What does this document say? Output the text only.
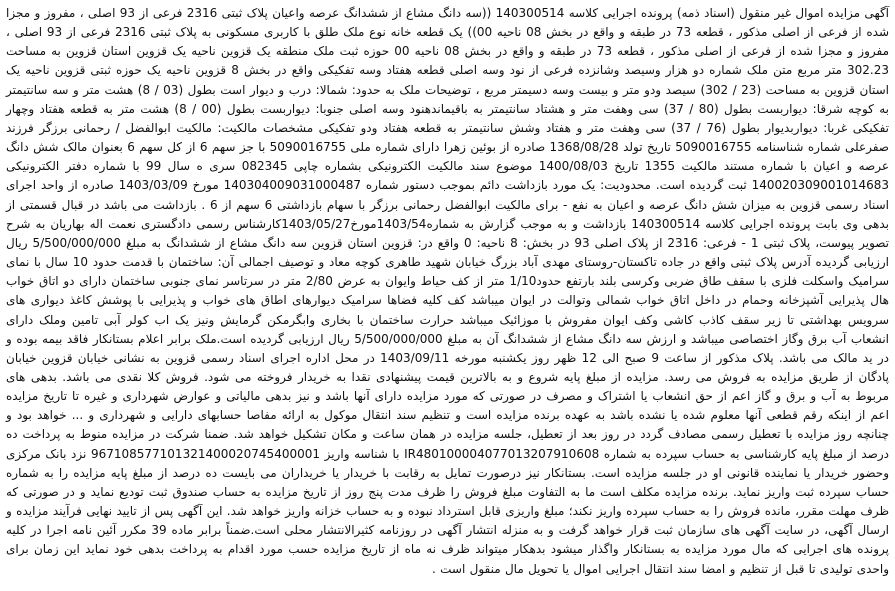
آگهی مزایده اموال غیر منقول (اسناد ذمه) پرونده اجرایی کلاسه 140300514 ((سه دانگ مشاع از ششدانگ عرصه واعیان پلاک ثبتی 2316 فرعی از 93 اصلی ، مفروز و مجزا شده از فرعی از اصلی مذکور ، قطعه 73 در طبقه و واقع در بخش 08 ناحیه 00)) یک قطعه خانه نوع ملک طلق با کاربری مسکونی به پلاک ثبتی 2316 فرعی از 93 اصلی ، مفروز و مجزا شده از فرعی از اصلی مذکور ، قطعه 73 در طبقه و واقع در بخش 08 ناحیه 00 حوزه ثبت ملک منطقه یک قزوین ناحیه یک قزوین استان قزوین به مساحت 302.23 متر مربع متن ملک شماره دو هزار وسیصد وشانزده فرعی از نود وسه اصلی قطعه هفتاد وسه تفکیکی واقع در بخش 8 قزوین ناحیه یک حوزه ثبتی قزوین ناحیه یک استان قزوین به مساحت (23 / 302) سیصد ودو متر و بیست وسه دسیمتر مربع ، توضیحات ملک به حدود: شمالا: درب و دیوار است بطول (03 / 8) هشت متر و سه سانتیمتر به کوچه شرقا: دیواربست بطول (80 / 37) سی وهفت متر و هشتاد سانتیمتر به باقیماندهنود وسه اصلی جنوبا: دیواربست بطول (00 / 8) هشت متر به قطعه هفتاد وچهار تفکیکی غربا: دیواربدیوار بطول (76 / 37) سی وهفت متر و هفتاد وشش سانتیمتر به قطعه هفتاد ودو تفکیکی مشخصات مالکیت: مالکیت ابوالفضل / رحمانی برزگر فرزند صفرعلی شماره شناسنامه 5090016755 تاریخ تولد 1368/08/28 صادره از بوئین زهرا دارای شماره ملی 5090016755 با جز سهم 6 از کل سهم 6 بعنوان مالک شش دانگ عرصه و اعیان با شماره مستند مالکیت 1355 تاریخ 1400/08/03 موضوع سند مالکیت الکترونیکی بشماره چاپی 082345 سری ه سال 99 با شماره دفتر الکترونیکی 140020309001014683 ثبت گردیده است. محدودیت: یک مورد بازداشت دائم بموجب دستور شماره 140304009031000487 مورخ 1403/03/09 صادره از واحد اجرای اسناد رسمی قزوین به میزان شش دانگ عرصه و اعیان به نفع - برای مالکیت ابوالفضل رحمانی برزگر با سهام بازداشتی 6 سهم از 6 . بازداشت می باشد در قبال قسمتی از بدهی وی بابت پرونده اجرایی کلاسه 140300514 بازداشت و به موجب گزارش به شماره1403/54مورخ1403/05/27کارشناس رسمی دادگستری نعمت اله بهاریان به شرح تصویر پیوست، پلاک ثبتی 1 - فرعی: 2316 از پلاک اصلی 93 در بخش: 8 ناحیه: 0 واقع در: قزوین استان قزوین سه دانگ مشاع از ششدانگ به مبلغ 5/500/000/000 ریال ارزیابی گردیده آدرس پلاک ثبتی واقع در جاده تاکستان-روستای مهدی آباد بزرگ خیابان شهید طاهری کوچه معاد و توصیف اجمالی آن: ساختمان با قدمت حدود 10 سال با نمای سرامیک واسکلت فلزی با سقف طاق ضربی وکرسی بلند بارتفع حدود1/10 متر از کف حیاط وایوان به عرض 2/80 متر در سرتاسر نمای جنوبی ساختمان دارای دو اتاق خواب هال پذیرایی آشپزخانه وحمام در داخل اتاق خواب شمالی وتوالت در ایوان میباشد کف کلیه فضاها سرامیک دیوارهای اطاق های خواب و پذیرایی با پوشش کاغذ دیواری های سرویس بهداشتی تا زیر سقف کاذب کاشی وکف ایوان مفروش با موزائیک میباشد حرارت ساختمان با بخاری وابگرمکن گرمایش ونیز یک اب کولر آبی تامین وملک دارای انشعاب آب برق وگاز اختصاصی میباشد و ارزش سه دانگ مشاع از ششدانگ آن به مبلغ 5/500/000/000 ریال ارزیابی گردیده است.ملک برابر اعلام بستانکار فاقد بیمه بوده و در ید مالک می باشد. پلاک مذکور از ساعت 9 صبح الی 12 ظهر روز یکشنبه مورخه 1403/09/11 در محل اداره اجرای اسناد رسمی قزوین به نشانی خیابان قزوین خیابان پادگان از طریق مزایده به فروش می رسد. مزایده از مبلغ پایه شروع و به بالاترین قیمت پیشنهادی نقدا به خریدار فروخته می شود. فروش کلا نقدی می باشد. بدهی های مربوط به آب و برق و گاز اعم از حق انشعاب یا اشتراک و مصرف در صورتی که مورد مزایده دارای آنها باشد و نیز بدهی مالیاتی و عوارض شهرداری و غیره تا تاریخ مزایده اعم از اینکه رقم قطعی آنها معلوم شده یا نشده باشد به عهده برنده مزایده است و تنظیم سند انتقال موکول به ارائه مفاصا حسابهای دارایی و شهرداری و ... خواهد بود و چنانچه روز مزایده با تعطیل رسمی مصادف گردد در روز بعد از تعطیل، جلسه مزایده در همان ساعت و مکان تشکیل خواهد شد. ضمنا شرکت در مزایده منوط به پرداخت ده درصد از مبلغ پایه کارشناسی به حساب سپرده به شماره IR480100004077013207910608 با شناسه واریز 967108577101321400020745400001 نزد بانک مرکزی وحضور خریدار یا نماینده قانونی او در جلسه مزایده است. بستانکار نیز درصورت تمایل به رقابت با خریدار یا خریداران می بایست ده درصد از مبلغ پایه مزایده را به شماره حساب سپرده ثبت واریز نماید. برنده مزایده مکلف است ما به التفاوت مبلغ فروش را ظرف مدت پنج روز از تاریخ مزایده به حساب صندوق ثبت تودیع نماید و در صورتی که ظرف مهلت مقرر، مانده فروش را به حساب سپرده واریز نکند؛ مبلغ واریزی قابل استرداد نبوده و به حساب خزانه واریز خواهد شد. این آگهی پس از تایید نهایی فرآیند مزایده و ارسال آگهی، در سایت آگهی های سازمان ثبت قرار خواهد گرفت و به منزله انتشار آگهی در روزنامه کثیرالانتشار محلی است.ضمناً برابر ماده 39 مکرر آئین نامه اجرا در کلیه پرونده های اجرایی که مال مورد مزایده به بستانکار واگذار میشود بدهکار میتواند ظرف نه ماه از تاریخ مزایده حسب مورد اقدام به پرداخت بدهی خود نماید این زمان برای واحدی تولیدی تا قبل از تنظیم و امضا سند انتقال اجرایی اموال یا تحویل مال منقول است .
